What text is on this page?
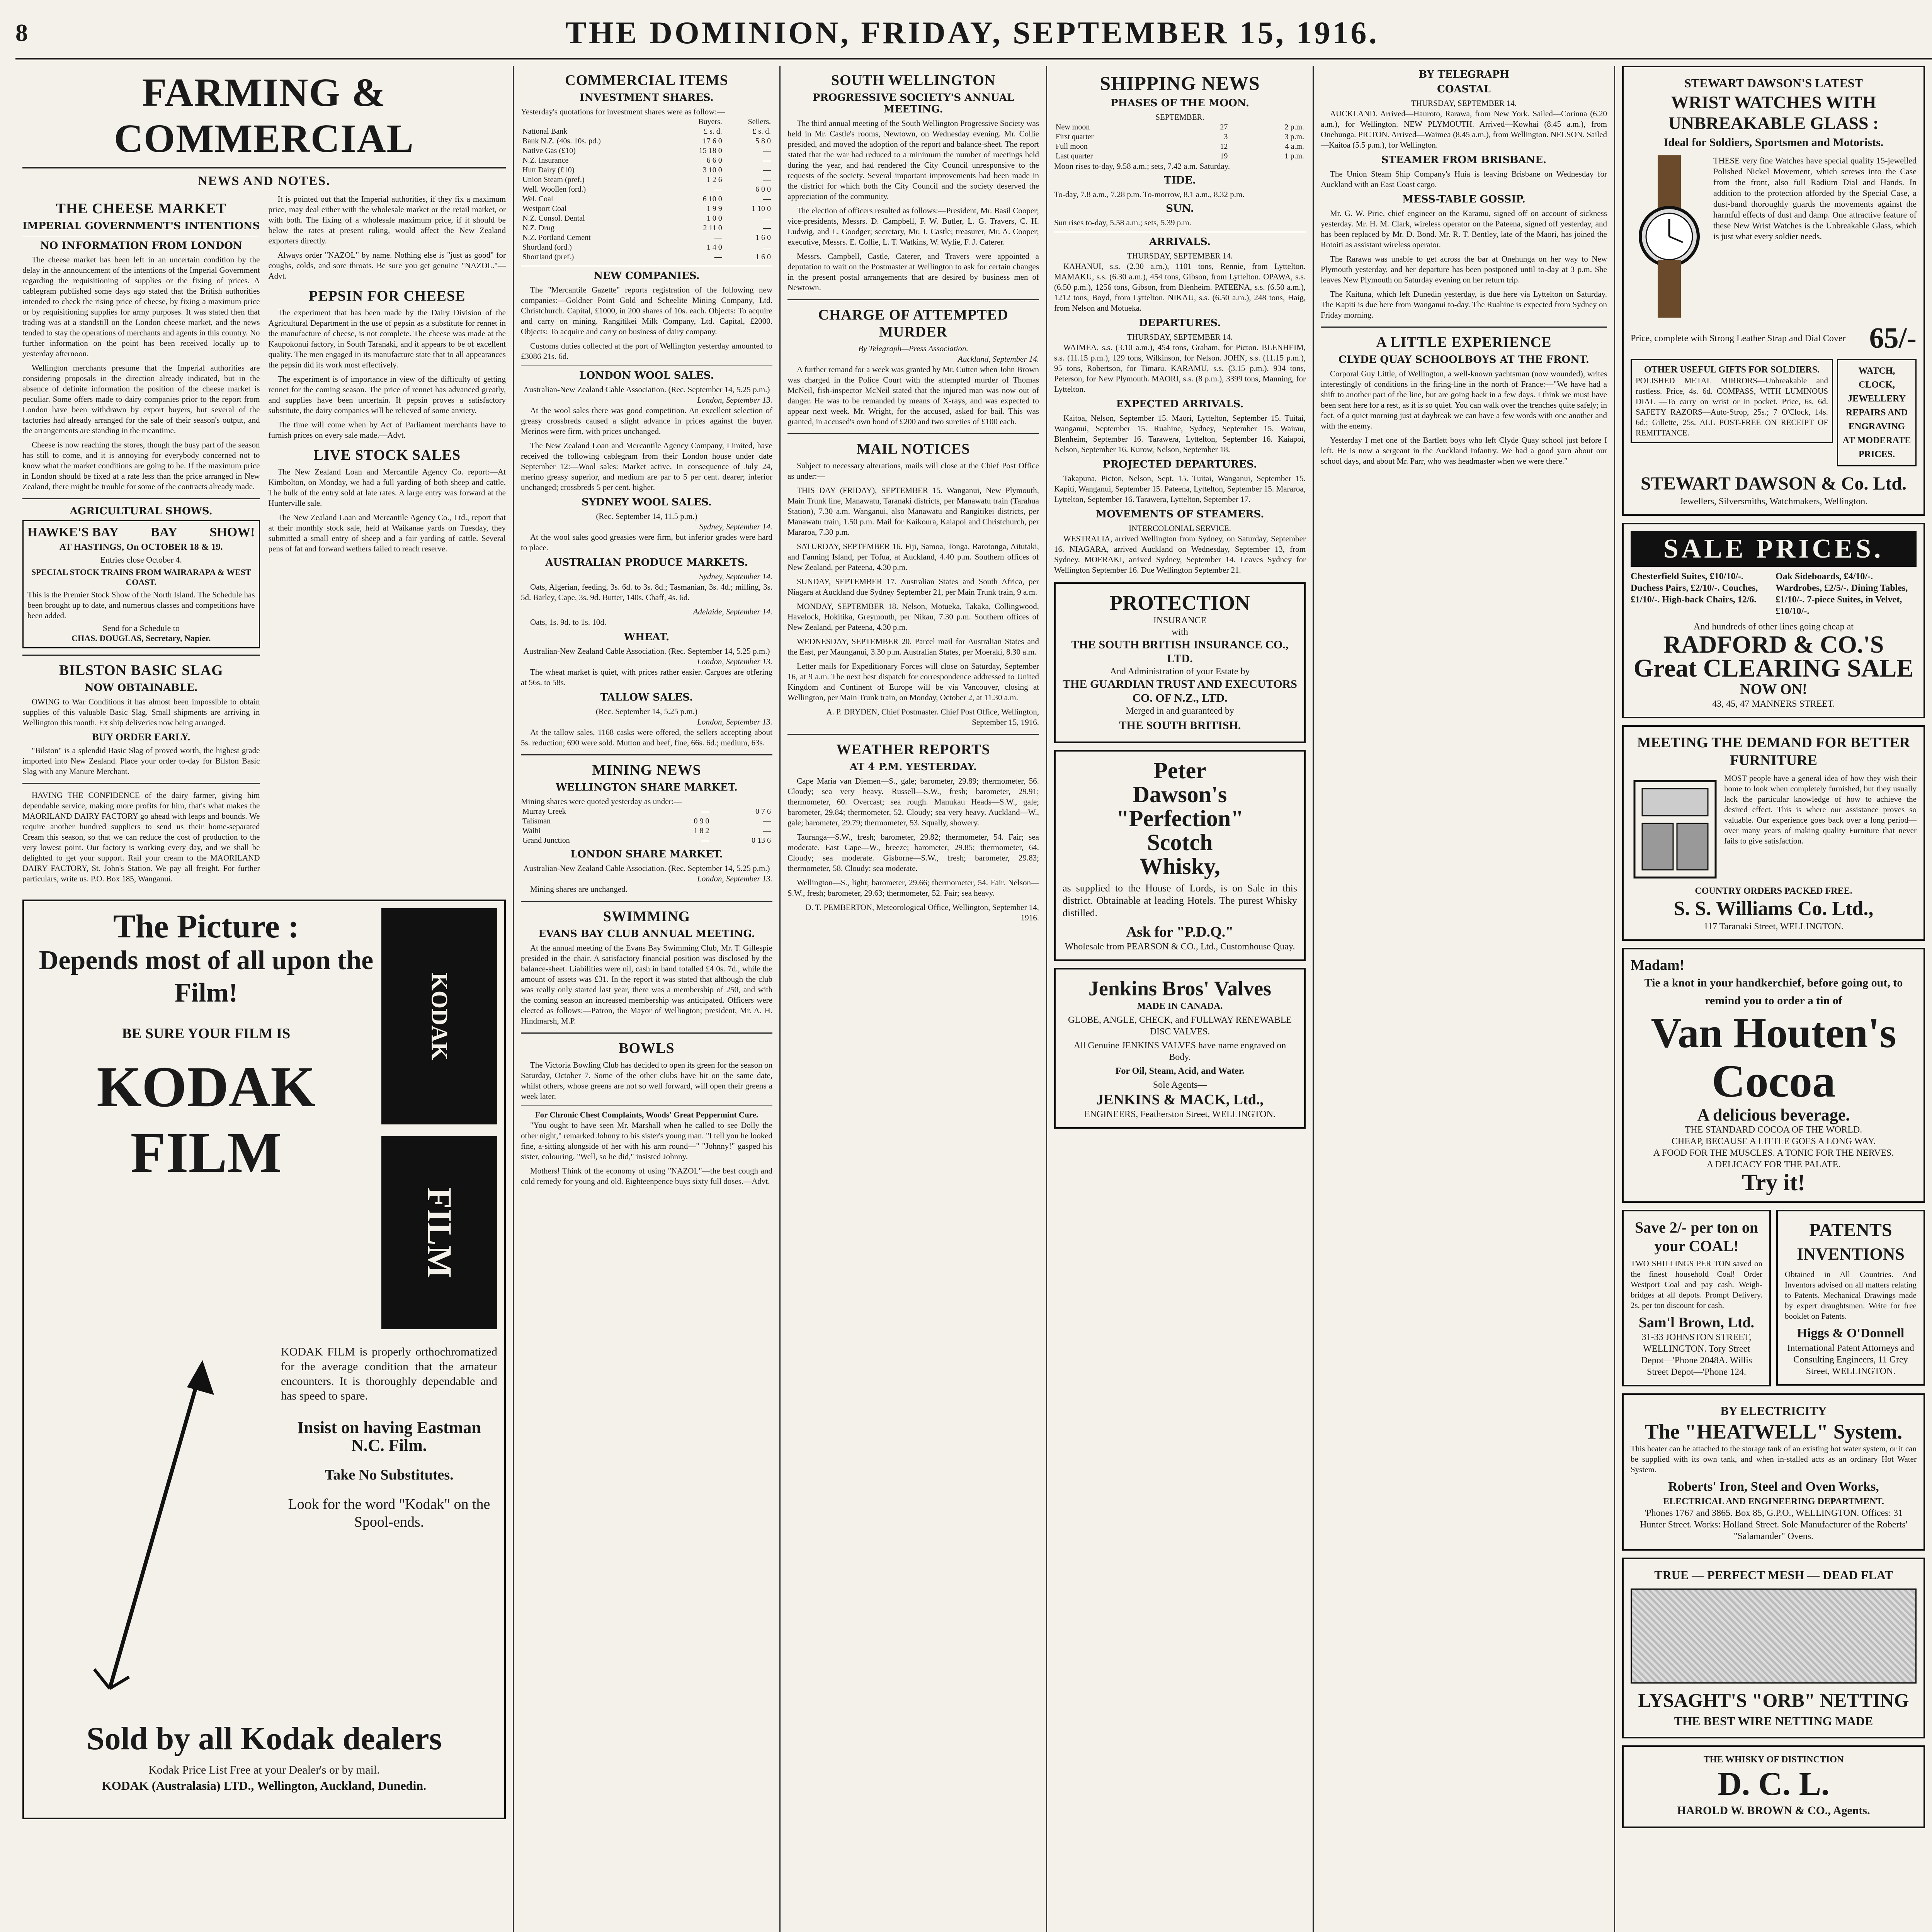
8	THE DOMINION, FRIDAY, SEPTEMBER 15, 1916.
FARMING & COMMERCIAL
NEWS AND NOTES.
THE CHEESE MARKET
IMPERIAL GOVERNMENT'S INTENTIONS
NO INFORMATION FROM LONDON

The cheese market has been left in an uncertain condition by the delay in the announcement of the intentions of the Imperial Government regarding the requisitioning of supplies or the fixing of prices. A cablegram published some days ago stated that the British authorities intended to check the rising price of cheese, by fixing a maximum price or by requisitioning supplies for army purposes. It was stated then that trading was at a standstill on the London cheese market, and the news tended to stay the operations of merchants and agents in this country. No further information on the point has been received locally up to yesterday afternoon.

Wellington merchants presume that the Imperial authorities are considering proposals in the direction already indicated, but in the absence of definite information the position of the cheese market is peculiar. Some offers made to dairy companies prior to the report from London have been withdrawn by export buyers, but several of the factories had already arranged for the sale of their season's output, and the arrangements are standing in the meantime.

Cheese is now reaching the stores, though the busy part of the season has still to come, and it is annoying for everybody concerned not to know what the market conditions are going to be. If the maximum price in London should be fixed at a rate less than the price arranged in New Zealand, there might be trouble for some of the contracts already made.

AGRICULTURAL SHOWS.
HAWKE'S BAY BAY SHOW!
AT HASTINGS, On OCTOBER 18 & 19.
Entries close October 4.
SPECIAL STOCK TRAINS FROM WAIRARAPA & WEST COAST.
This is the Premier Stock Show of the North Island. The Schedule has been brought up to date, and numerous classes and competitions have been added.
Send for a Schedule to
CHAS. DOUGLAS, Secretary, Napier.
BILSTON BASIC SLAG
NOW OBTAINABLE.

OWING to War Conditions it has almost been impossible to obtain supplies of this valuable Basic Slag. Small shipments are arriving in Wellington this month. Ex ship deliveries now being arranged.

BUY ORDER EARLY.

"Bilston" is a splendid Basic Slag of proved worth, the highest grade imported into New Zealand. Place your order to-day for Bilston Basic Slag with any Manure Merchant.

HAVING THE CONFIDENCE of the dairy farmer, giving him dependable service, making more profits for him, that's what makes the MAORILAND DAIRY FACTORY go ahead with leaps and bounds. We require another hundred suppliers to send us their home-separated Cream this season, so that we can reduce the cost of production to the very lowest point. Our factory is working every day, and we shall be delighted to get your support. Rail your cream to the MAORILAND DAIRY FACTORY, St. John's Station. We pay all freight. For further particulars, write us. P.O. Box 185, Wanganui.

It is pointed out that the Imperial authorities, if they fix a maximum price, may deal either with the wholesale market or the retail market, or with both. The fixing of a wholesale maximum price, if it should be below the rates at present ruling, would affect the New Zealand exporters directly.

Always order "NAZOL" by name. Nothing else is "just as good" for coughs, colds, and sore throats. Be sure you get genuine "NAZOL."—Advt.

PEPSIN FOR CHEESE

The experiment that has been made by the Dairy Division of the Agricultural Department in the use of pepsin as a substitute for rennet in the manufacture of cheese, is not complete. The cheese was made at the Kaupokonui factory, in South Taranaki, and it appears to be of excellent quality. The men engaged in its manufacture state that to all appearances the pepsin did its work most effectively.

The experiment is of importance in view of the difficulty of getting rennet for the coming season. The price of rennet has advanced greatly, and supplies have been uncertain. If pepsin proves a satisfactory substitute, the dairy companies will be relieved of some anxiety.

The time will come when by Act of Parliament merchants have to furnish prices on every sale made.—Advt.

LIVE STOCK SALES

The New Zealand Loan and Mercantile Agency Co. report:—At Kimbolton, on Monday, we had a full yarding of both sheep and cattle. The bulk of the entry sold at late rates. A large entry was forward at the Hunterville sale.

The New Zealand Loan and Mercantile Agency Co., Ltd., report that at their monthly stock sale, held at Waikanae yards on Tuesday, they submitted a small entry of sheep and a fair yarding of cattle. Several pens of fat and forward wethers failed to reach reserve.

The Picture :
Depends most of all upon the Film!
BE SURE YOUR FILM IS
KODAK FILM
KODAK
FILM
KODAK FILM is properly orthochromatized for the average condition that the amateur encounters. It is thoroughly dependable and has speed to spare.
Insist on having Eastman N.C. Film.
Take No Substitutes.
Look for the word "Kodak" on the Spool-ends.
Sold by all Kodak dealers
Kodak Price List Free at your Dealer's or by mail.
KODAK (Australasia) LTD., Wellington, Auckland, Dunedin.
COMMERCIAL ITEMS
INVESTMENT SHARES.
Yesterday's quotations for investment shares were as follow:—
	Buyers.	Sellers.
National Bank	£ s. d.	£ s. d.
Bank N.Z. (40s. 10s. pd.)	17 6 0	5 8 0
Native Gas (£10)	15 18 0	—
N.Z. Insurance	6 6 0	—
Hutt Dairy (£10)	3 10 0	—
Union Steam (pref.)	1 2 6	—
Well. Woollen (ord.)	—	6 0 0
Wel. Coal	6 10 0	—
Westport Coal	1 9 9	1 10 0
N.Z. Consol. Dental	1 0 0	—
N.Z. Drug	2 11 0	—
N.Z. Portland Cement	—	1 6 0
Shortland (ord.)	1 4 0	—
Shortland (pref.)	—	1 6 0
NEW COMPANIES.

The "Mercantile Gazette" reports registration of the following new companies:—Goldner Point Gold and Scheelite Mining Company, Ltd. Christchurch. Capital, £1000, in 200 shares of 10s. each. Objects: To acquire and carry on mining. Rangitikei Milk Company, Ltd. Capital, £2000. Objects: To acquire and carry on business of dairy company.

Customs duties collected at the port of Wellington yesterday amounted to £3086 21s. 6d.

LONDON WOOL SALES.
Australian-New Zealand Cable Association. (Rec. September 14, 5.25 p.m.)
London, September 13.

At the wool sales there was good competition. An excellent selection of greasy crossbreds caused a slight advance in prices against the buyer. Merinos were firm, with prices unchanged.

The New Zealand Loan and Mercantile Agency Company, Limited, have received the following cablegram from their London house under date September 12:—Wool sales: Market active. In consequence of July 24, merino greasy superior, and medium are par to 5 per cent. dearer; inferior unchanged; crossbreds 5 per cent. higher.

SYDNEY WOOL SALES.
(Rec. September 14, 11.5 p.m.)
Sydney, September 14.

At the wool sales good greasies were firm, but inferior grades were hard to place.

AUSTRALIAN PRODUCE MARKETS.
Sydney, September 14.

Oats, Algerian, feeding, 3s. 6d. to 3s. 8d.; Tasmanian, 3s. 4d.; milling, 3s. 5d. Barley, Cape, 3s. 9d. Butter, 140s. Chaff, 4s. 6d.

Adelaide, September 14.

Oats, 1s. 9d. to 1s. 10d.

WHEAT.
Australian-New Zealand Cable Association. (Rec. September 14, 5.25 p.m.)
London, September 13.

The wheat market is quiet, with prices rather easier. Cargoes are offering at 56s. to 58s.

TALLOW SALES.
(Rec. September 14, 5.25 p.m.)
London, September 13.

At the tallow sales, 1168 casks were offered, the sellers accepting about 5s. reduction; 690 were sold. Mutton and beef, fine, 66s. 6d.; medium, 63s.

MINING NEWS
WELLINGTON SHARE MARKET.
Mining shares were quoted yesterday as under:—
Murray Creek	—	0 7 6
Talisman	0 9 0	—
Waihi	1 8 2	—
Grand Junction	—	0 13 6
LONDON SHARE MARKET.
Australian-New Zealand Cable Association. (Rec. September 14, 5.25 p.m.)
London, September 13.

Mining shares are unchanged.

SWIMMING
EVANS BAY CLUB ANNUAL MEETING.

At the annual meeting of the Evans Bay Swimming Club, Mr. T. Gillespie presided in the chair. A satisfactory financial position was disclosed by the balance-sheet. Liabilities were nil, cash in hand totalled £4 0s. 7d., while the amount of assets was £31. In the report it was stated that although the club was really only started last year, there was a membership of 250, and with the coming season an increased membership was anticipated. Officers were elected as follows:—Patron, the Mayor of Wellington; president, Mr. A. H. Hindmarsh, M.P.

BOWLS

The Victoria Bowling Club has decided to open its green for the season on Saturday, October 7. Some of the other clubs have hit on the same date, whilst others, whose greens are not so well forward, will open their greens a week later.

For Chronic Chest Complaints, Woods' Great Peppermint Cure.

"You ought to have seen Mr. Marshall when he called to see Dolly the other night," remarked Johnny to his sister's young man. "I tell you he looked fine, a-sitting alongside of her with his arm round—" "Johnny!" gasped his sister, colouring. "Well, so he did," insisted Johnny.

Mothers! Think of the economy of using "NAZOL"—the best cough and cold remedy for young and old. Eighteenpence buys sixty full doses.—Advt.

SOUTH WELLINGTON
PROGRESSIVE SOCIETY'S ANNUAL MEETING.

The third annual meeting of the South Wellington Progressive Society was held in Mr. Castle's rooms, Newtown, on Wednesday evening. Mr. Collie presided, and moved the adoption of the report and balance-sheet. The report stated that the war had reduced to a minimum the number of meetings held during the year, and had rendered the City Council unresponsive to the requests of the society. Several important improvements had been made in the district for which both the City Council and the society deserved the appreciation of the community.

The election of officers resulted as follows:—President, Mr. Basil Cooper; vice-presidents, Messrs. D. Campbell, F. W. Butler, L. G. Travers, C. H. Ludwig, and L. Goodger; secretary, Mr. J. Castle; treasurer, Mr. A. Cooper; executive, Messrs. E. Collie, L. T. Watkins, W. Wylie, F. J. Caterer.

Messrs. Campbell, Castle, Caterer, and Travers were appointed a deputation to wait on the Postmaster at Wellington to ask for certain changes in the present postal arrangements that are desired by business men of Newtown.

CHARGE OF ATTEMPTED MURDER
By Telegraph—Press Association.
Auckland, September 14.

A further remand for a week was granted by Mr. Cutten when John Brown was charged in the Police Court with the attempted murder of Thomas McNeil, fish-inspector McNeil stated that the injured man was now out of danger. He was to be remanded by means of X-rays, and was expected to appear next week. Mr. Wright, for the accused, asked for bail. This was granted, in accused's own bond of £200 and two sureties of £100 each.

MAIL NOTICES

Subject to necessary alterations, mails will close at the Chief Post Office as under:—

THIS DAY (FRIDAY), SEPTEMBER 15. Wanganui, New Plymouth, Main Trunk line, Manawatu, Taranaki districts, per Manawatu train (Tarahua Station), 7.30 a.m. Wanganui, also Manawatu and Rangitikei districts, per Manawatu train, 1.50 p.m. Mail for Kaikoura, Kaiapoi and Christchurch, per Mararoa, 7.30 p.m.

SATURDAY, SEPTEMBER 16. Fiji, Samoa, Tonga, Rarotonga, Aitutaki, and Fanning Island, per Tofua, at Auckland, 4.40 p.m. Southern offices of New Zealand, per Pateena, 4.30 p.m.

SUNDAY, SEPTEMBER 17. Australian States and South Africa, per Niagara at Auckland due Sydney September 21, per Main Trunk train, 9 a.m.

MONDAY, SEPTEMBER 18. Nelson, Motueka, Takaka, Collingwood, Havelock, Hokitika, Greymouth, per Nikau, 7.30 p.m. Southern offices of New Zealand, per Pateena, 4.30 p.m.

WEDNESDAY, SEPTEMBER 20. Parcel mail for Australian States and the East, per Maunganui, 3.30 p.m. Australian States, per Moeraki, 8.30 a.m.

Letter mails for Expeditionary Forces will close on Saturday, September 16, at 9 a.m. The next best dispatch for correspondence addressed to United Kingdom and Continent of Europe will be via Vancouver, closing at Wellington, per Main Trunk train, on Monday, October 2, at 11.30 a.m.

A. P. DRYDEN, Chief Postmaster. Chief Post Office, Wellington, September 15, 1916.

WEATHER REPORTS
AT 4 P.M. YESTERDAY.

Cape Maria van Diemen—S., gale; barometer, 29.89; thermometer, 56. Cloudy; sea very heavy. Russell—S.W., fresh; barometer, 29.91; thermometer, 60. Overcast; sea rough. Manukau Heads—S.W., gale; barometer, 29.84; thermometer, 52. Cloudy; sea very heavy. Auckland—W., gale; barometer, 29.79; thermometer, 53. Squally, showery.

Tauranga—S.W., fresh; barometer, 29.82; thermometer, 54. Fair; sea moderate. East Cape—W., breeze; barometer, 29.85; thermometer, 64. Cloudy; sea moderate. Gisborne—S.W., fresh; barometer, 29.83; thermometer, 58. Cloudy; sea moderate.

Wellington—S., light; barometer, 29.66; thermometer, 54. Fair. Nelson—S.W., fresh; barometer, 29.63; thermometer, 52. Fair; sea heavy.

D. T. PEMBERTON, Meteorological Office, Wellington, September 14, 1916.

SHIPPING NEWS
PHASES OF THE MOON.
SEPTEMBER.
New moon	27	2 p.m.
First quarter	3	3 p.m.
Full moon	12	4 a.m.
Last quarter	19	1 p.m.
Moon rises to-day, 9.58 a.m.; sets, 7.42 a.m. Saturday.
TIDE.
To-day, 7.8 a.m., 7.28 p.m. To-morrow, 8.1 a.m., 8.32 p.m.
SUN.
Sun rises to-day, 5.58 a.m.; sets, 5.39 p.m.
ARRIVALS.
THURSDAY, SEPTEMBER 14.

KAHANUI, s.s. (2.30 a.m.), 1101 tons, Rennie, from Lyttelton. MAMAKU, s.s. (6.30 a.m.), 454 tons, Gibson, from Lyttelton. OPAWA, s.s. (6.50 p.m.), 1256 tons, Gibson, from Blenheim. PATEENA, s.s. (6.50 a.m.), 1212 tons, Boyd, from Lyttelton. NIKAU, s.s. (6.50 a.m.), 248 tons, Haig, from Nelson and Motueka.

DEPARTURES.
THURSDAY, SEPTEMBER 14.

WAIMEA, s.s. (3.10 a.m.), 454 tons, Graham, for Picton. BLENHEIM, s.s. (11.15 p.m.), 129 tons, Wilkinson, for Nelson. JOHN, s.s. (11.15 p.m.), 95 tons, Robertson, for Timaru. KARAMU, s.s. (3.15 p.m.), 934 tons, Peterson, for New Plymouth. MAORI, s.s. (8 p.m.), 3399 tons, Manning, for Lyttelton.

EXPECTED ARRIVALS.

Kaitoa, Nelson, September 15. Maori, Lyttelton, September 15. Tuitai, Wanganui, September 15. Ruahine, Sydney, September 15. Wairau, Blenheim, September 16. Tarawera, Lyttelton, September 16. Kaiapoi, Nelson, September 16. Kurow, Nelson, September 18.

PROJECTED DEPARTURES.

Takapuna, Picton, Nelson, Sept. 15. Tuitai, Wanganui, September 15. Kapiti, Wanganui, September 15. Pateena, Lyttelton, September 15. Mararoa, Lyttelton, September 16. Tarawera, Lyttelton, September 17.

MOVEMENTS OF STEAMERS.
INTERCOLONIAL SERVICE.

WESTRALIA, arrived Wellington from Sydney, on Saturday, September 16. NIAGARA, arrived Auckland on Wednesday, September 13, from Sydney. MOERAKI, arrived Sydney, September 14. Leaves Sydney for Wellington September 16. Due Wellington September 21.

PROTECTION
INSURANCE
with
THE SOUTH BRITISH INSURANCE CO., LTD.
And Administration of your Estate by
THE GUARDIAN TRUST AND EXECUTORS CO. OF N.Z., LTD.
Merged in and guaranteed by
THE SOUTH BRITISH.
Peter
Dawson's
"Perfection"
Scotch
Whisky,
as supplied to the House of Lords, is on Sale in this district. Obtainable at leading Hotels. The purest Whisky distilled.
Ask for "P.D.Q."
Wholesale from PEARSON & CO., Ltd., Customhouse Quay.
Jenkins Bros' Valves
MADE IN CANADA.
GLOBE, ANGLE, CHECK, and FULLWAY RENEWABLE DISC VALVES.
All Genuine JENKINS VALVES have name engraved on Body.
For Oil, Steam, Acid, and Water.
Sole Agents—
JENKINS & MACK, Ltd.,
ENGINEERS, Featherston Street, WELLINGTON.
BY TELEGRAPH
COASTAL
THURSDAY, SEPTEMBER 14.

AUCKLAND. Arrived—Hauroto, Rarawa, from New York. Sailed—Corinna (6.20 a.m.), for Wellington. NEW PLYMOUTH. Arrived—Kowhai (8.45 a.m.), from Onehunga. PICTON. Arrived—Waimea (8.45 a.m.), from Wellington. NELSON. Sailed—Kaitoa (5.5 p.m.), for Wellington.

STEAMER FROM BRISBANE.

The Union Steam Ship Company's Huia is leaving Brisbane on Wednesday for Auckland with an East Coast cargo.

MESS-TABLE GOSSIP.

Mr. G. W. Pirie, chief engineer on the Karamu, signed off on account of sickness yesterday. Mr. H. M. Clark, wireless operator on the Pateena, signed off yesterday, and has been replaced by Mr. D. Bond. Mr. R. T. Bentley, late of the Maori, has joined the Rotoiti as assistant wireless operator.

The Rarawa was unable to get across the bar at Onehunga on her way to New Plymouth yesterday, and her departure has been postponed until to-day at 3 p.m. She leaves New Plymouth on Saturday evening on her return trip.

The Kaituna, which left Dunedin yesterday, is due here via Lyttelton on Saturday. The Kapiti is due here from Wanganui to-day. The Ruahine is expected from Sydney on Friday morning.

A LITTLE EXPERIENCE
CLYDE QUAY SCHOOLBOYS AT THE FRONT.

Corporal Guy Little, of Wellington, a well-known yachtsman (now wounded), writes interestingly of conditions in the firing-line in the north of France:—"We have had a shift to another part of the line, but are going back in a few days. I think we must have been sent here for a rest, as it is so quiet. You can walk over the trenches quite safely; in fact, of a quiet morning just at daybreak we can have a few words with one another and with the enemy.

Yesterday I met one of the Bartlett boys who left Clyde Quay school just before I left. He is now a sergeant in the Auckland Infantry. We had a good yarn about our school days, and about Mr. Parr, who was headmaster when we were there."

STEWART DAWSON'S LATEST
WRIST WATCHES WITH UNBREAKABLE GLASS :
Ideal for Soldiers, Sportsmen and Motorists.
THESE very fine Watches have special quality 15-jewelled Polished Nickel Movement, which screws into the Case from the front, also full Radium Dial and Hands. In addition to the protection afforded by the Special Case, a dust-band thoroughly guards the movements against the harmful effects of dust and damp. One attractive feature of these New Wrist Watches is the Unbreakable Glass, which is just what every soldier needs.
Price, complete with Strong Leather Strap and Dial Cover 65/-
OTHER USEFUL GIFTS FOR SOLDIERS.
POLISHED METAL MIRRORS—Unbreakable and rustless. Price, 4s. 6d. COMPASS, WITH LUMINOUS DIAL —To carry on wrist or in pocket. Price, 6s. 6d. SAFETY RAZORS—Auto-Strop, 25s.; 7 O'Clock, 14s. 6d.; Gillette, 25s. ALL POST-FREE ON RECEIPT OF REMITTANCE.
WATCH, CLOCK, JEWELLERY REPAIRS AND ENGRAVING AT MODERATE PRICES.
STEWART DAWSON & Co. Ltd.
Jewellers, Silversmiths, Watchmakers, Wellington.
SALE PRICES.
Chesterfield Suites, £10/10/-. Duchess Pairs, £2/10/-. Couches, £1/10/-. High-back Chairs, 12/6.
Oak Sideboards, £4/10/-. Wardrobes, £2/5/-. Dining Tables, £1/10/-. 7-piece Suites, in Velvet, £10/10/-.
And hundreds of other lines going cheap at
RADFORD & CO.'S
Great CLEARING SALE
NOW ON!
43, 45, 47 MANNERS STREET.
MEETING THE DEMAND FOR BETTER FURNITURE
MOST people have a general idea of how they wish their home to look when completely furnished, but they usually lack the particular knowledge of how to achieve the desired effect. This is where our assistance proves so valuable. Our experience goes back over a long period—over many years of making quality Furniture that never fails to give satisfaction.
COUNTRY ORDERS PACKED FREE.
S. S. Williams Co. Ltd.,
117 Taranaki Street, WELLINGTON.
Madam!
Tie a knot in your handkerchief, before going out, to remind you to order a tin of
Van Houten's
Cocoa
A delicious beverage.
THE STANDARD COCOA OF THE WORLD.
CHEAP, BECAUSE A LITTLE GOES A LONG WAY.
A FOOD FOR THE MUSCLES. A TONIC FOR THE NERVES.
A DELICACY FOR THE PALATE.
Try it!
Save 2/- per ton on your COAL!
TWO SHILLINGS PER TON saved on the finest household Coal! Order Westport Coal and pay cash. Weigh-bridges at all depots. Prompt Delivery. 2s. per ton discount for cash.
Sam'l Brown, Ltd.
31-33 JOHNSTON STREET, WELLINGTON. Tory Street Depot—'Phone 2048A. Willis Street Depot—'Phone 124.
PATENTS
INVENTIONS
Obtained in All Countries. And Inventors advised on all matters relating to Patents. Mechanical Drawings made by expert draughtsmen. Write for free booklet on Patents.
Higgs & O'Donnell
International Patent Attorneys and Consulting Engineers, 11 Grey Street, WELLINGTON.
BY ELECTRICITY
The "HEATWELL" System.
This heater can be attached to the storage tank of an existing hot water system, or it can be supplied with its own tank, and when in-stalled acts as an ordinary Hot Water System.
Roberts' Iron, Steel and Oven Works,
ELECTRICAL AND ENGINEERING DEPARTMENT.
'Phones 1767 and 3865. Box 85, G.P.O., WELLINGTON. Offices: 31 Hunter Street. Works: Holland Street. Sole Manufacturer of the Roberts' "Salamander" Ovens.
TRUE — PERFECT MESH — DEAD FLAT
LYSAGHT'S "ORB" NETTING
THE BEST WIRE NETTING MADE
THE WHISKY OF DISTINCTION
D. C. L.
HAROLD W. BROWN & CO., Agents.
